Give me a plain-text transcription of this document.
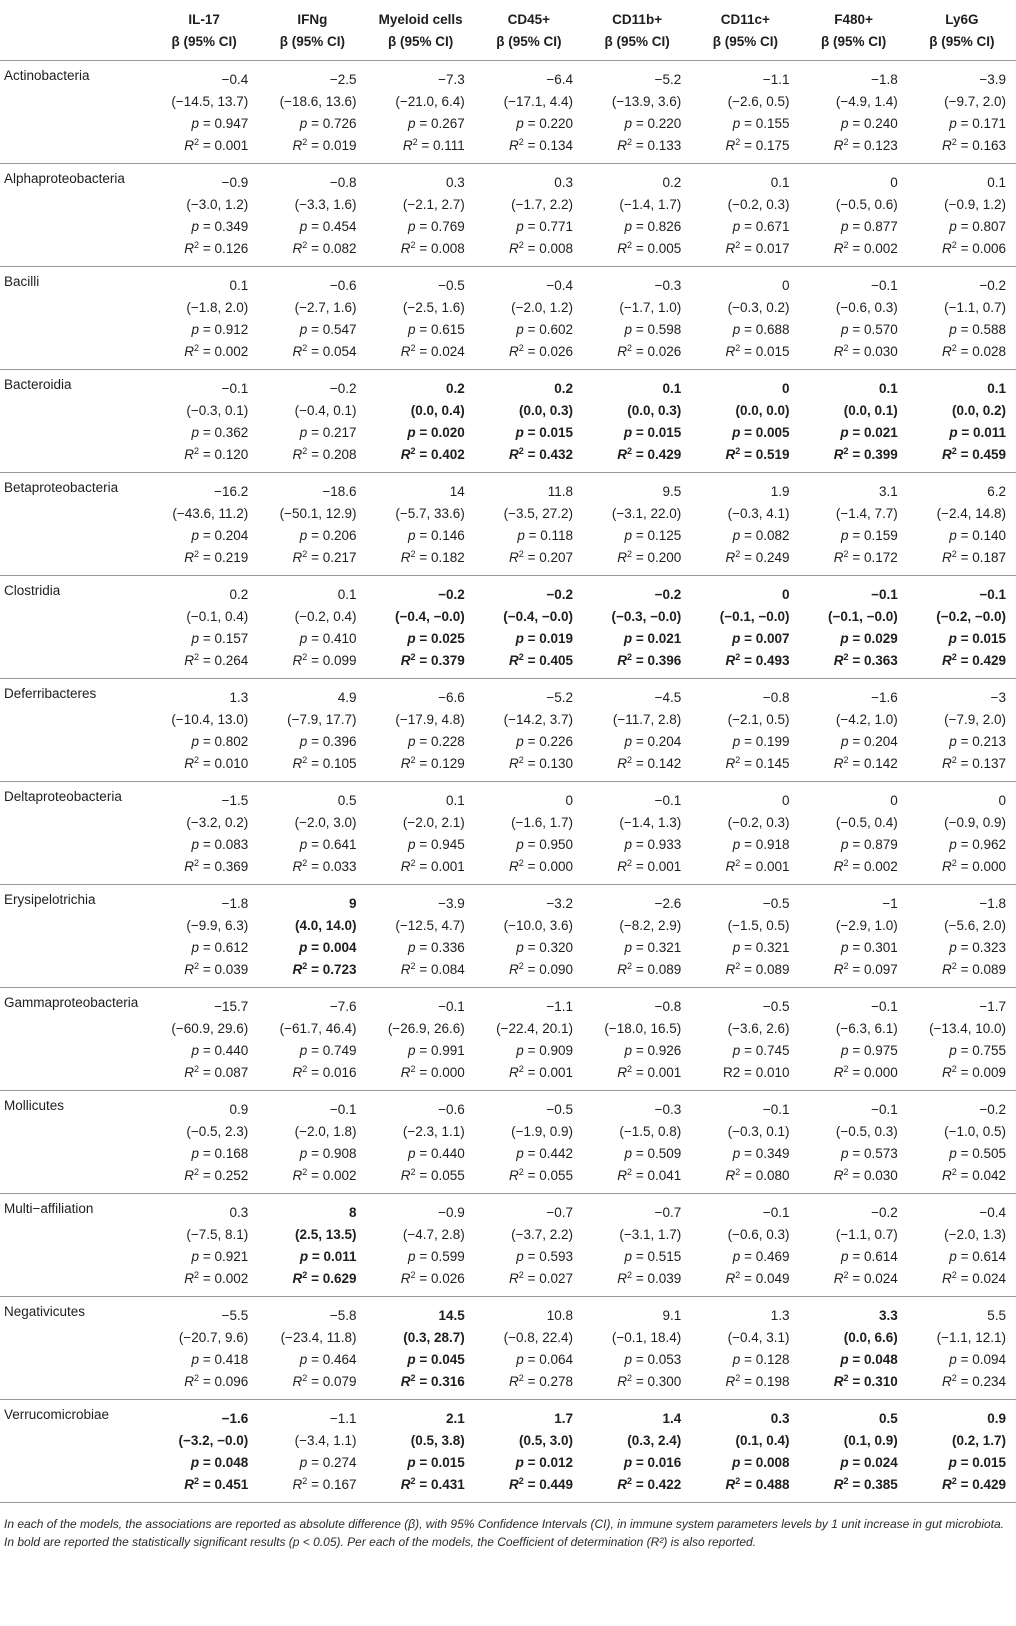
	IL-17	IFNg	Myeloid cells	CD45+	CD11b+	CD11c+	F480+	Ly6G
	β (95% CI)	β (95% CI)	β (95% CI)	β (95% CI)	β (95% CI)	β (95% CI)	β (95% CI)	β (95% CI)
Actinobacteria	−0.4	−2.5	−7.3	−6.4	−5.2	−1.1	−1.8	−3.9
	(−14.5, 13.7)	(−18.6, 13.6)	(−21.0, 6.4)	(−17.1, 4.4)	(−13.9, 3.6)	(−2.6, 0.5)	(−4.9, 1.4)	(−9.7, 2.0)
	p = 0.947	p = 0.726	p = 0.267	p = 0.220	p = 0.220	p = 0.155	p = 0.240	p = 0.171
	$R^2 = 0.001$	$R^2 = 0.019$	$R^2 = 0.111$	$R^2 = 0.134$	$R^2 = 0.133$	$R^2 = 0.175$	$R^2 = 0.123$	$R^2 = 0.163$
Alphaproteobacteria	−0.9	−0.8	0.3	0.3	0.2	0.1	0	0.1
	(−3.0, 1.2)	(−3.3, 1.6)	(−2.1, 2.7)	(−1.7, 2.2)	(−1.4, 1.7)	(−0.2, 0.3)	(−0.5, 0.6)	(−0.9, 1.2)
	p = 0.349	p = 0.454	p = 0.769	p = 0.771	p = 0.826	p = 0.671	p = 0.877	p = 0.807
	$R^2 = 0.126$	$R^2 = 0.082$	$R^2 = 0.008$	$R^2 = 0.008$	$R^2 = 0.005$	$R^2 = 0.017$	$R^2 = 0.002$	$R^2 = 0.006$
Bacilli	0.1	−0.6	−0.5	−0.4	−0.3	0	−0.1	−0.2
	(−1.8, 2.0)	(−2.7, 1.6)	(−2.5, 1.6)	(−2.0, 1.2)	(−1.7, 1.0)	(−0.3, 0.2)	(−0.6, 0.3)	(−1.1, 0.7)
	p = 0.912	p = 0.547	p = 0.615	p = 0.602	p = 0.598	p = 0.688	p = 0.570	p = 0.588
	$R^2 = 0.002$	$R^2 = 0.054$	$R^2 = 0.024$	$R^2 = 0.026$	$R^2 = 0.026$	$R^2 = 0.015$	$R^2 = 0.030$	$R^2 = 0.028$
Bacteroidia	−0.1	−0.2	0.2	0.2	0.1	0	0.1	0.1
	(−0.3, 0.1)	(−0.4, 0.1)	(0.0, 0.4)	(0.0, 0.3)	(0.0, 0.3)	(0.0, 0.0)	(0.0, 0.1)	(0.0, 0.2)
	p = 0.362	p = 0.217	p = 0.020	p = 0.015	p = 0.015	p = 0.005	p = 0.021	p = 0.011
	$R^2 = 0.120$	$R^2 = 0.208$	$R^2 = 0.402$	$R^2 = 0.432$	$R^2 = 0.429$	$R^2 = 0.519$	$R^2 = 0.399$	$R^2 = 0.459$
Betaproteobacteria	−16.2	−18.6	14	11.8	9.5	1.9	3.1	6.2
	(−43.6, 11.2)	(−50.1, 12.9)	(−5.7, 33.6)	(−3.5, 27.2)	(−3.1, 22.0)	(−0.3, 4.1)	(−1.4, 7.7)	(−2.4, 14.8)
	p = 0.204	p = 0.206	p = 0.146	p = 0.118	p = 0.125	p = 0.082	p = 0.159	p = 0.140
	$R^2 = 0.219$	$R^2 = 0.217$	$R^2 = 0.182$	$R^2 = 0.207$	$R^2 = 0.200$	$R^2 = 0.249$	$R^2 = 0.172$	$R^2 = 0.187$
Clostridia	0.2	0.1	−0.2	−0.2	−0.2	0	−0.1	−0.1
	(−0.1, 0.4)	(−0.2, 0.4)	(−0.4, −0.0)	(−0.4, −0.0)	(−0.3, −0.0)	(−0.1, −0.0)	(−0.1, −0.0)	(−0.2, −0.0)
	p = 0.157	p = 0.410	p = 0.025	p = 0.019	p = 0.021	p = 0.007	p = 0.029	p = 0.015
	$R^2 = 0.264$	$R^2 = 0.099$	$R^2 = 0.379$	$R^2 = 0.405$	$R^2 = 0.396$	$R^2 = 0.493$	$R^2 = 0.363$	$R^2 = 0.429$
Deferribacteres	1.3	4.9	−6.6	−5.2	−4.5	−0.8	−1.6	−3
	(−10.4, 13.0)	(−7.9, 17.7)	(−17.9, 4.8)	(−14.2, 3.7)	(−11.7, 2.8)	(−2.1, 0.5)	(−4.2, 1.0)	(−7.9, 2.0)
	p = 0.802	p = 0.396	p = 0.228	p = 0.226	p = 0.204	p = 0.199	p = 0.204	p = 0.213
	$R^2 = 0.010$	$R^2 = 0.105$	$R^2 = 0.129$	$R^2 = 0.130$	$R^2 = 0.142$	$R^2 = 0.145$	$R^2 = 0.142$	$R^2 = 0.137$
Deltaproteobacteria	−1.5	0.5	0.1	0	−0.1	0	0	0
	(−3.2, 0.2)	(−2.0, 3.0)	(−2.0, 2.1)	(−1.6, 1.7)	(−1.4, 1.3)	(−0.2, 0.3)	(−0.5, 0.4)	(−0.9, 0.9)
	p = 0.083	p = 0.641	p = 0.945	p = 0.950	p = 0.933	p = 0.918	p = 0.879	p = 0.962
	$R^2 = 0.369$	$R^2 = 0.033$	$R^2 = 0.001$	$R^2 = 0.000$	$R^2 = 0.001$	$R^2 = 0.001$	$R^2 = 0.002$	$R^2 = 0.000$
Erysipelotrichia	−1.8	9	−3.9	−3.2	−2.6	−0.5	−1	−1.8
	(−9.9, 6.3)	(4.0, 14.0)	(−12.5, 4.7)	(−10.0, 3.6)	(−8.2, 2.9)	(−1.5, 0.5)	(−2.9, 1.0)	(−5.6, 2.0)
	p = 0.612	p = 0.004	p = 0.336	p = 0.320	p = 0.321	p = 0.321	p = 0.301	p = 0.323
	$R^2 = 0.039$	$R^2 = 0.723$	$R^2 = 0.084$	$R^2 = 0.090$	$R^2 = 0.089$	$R^2 = 0.089$	$R^2 = 0.097$	$R^2 = 0.089$
Gammaproteobacteria	−15.7	−7.6	−0.1	−1.1	−0.8	−0.5	−0.1	−1.7
	(−60.9, 29.6)	(−61.7, 46.4)	(−26.9, 26.6)	(−22.4, 20.1)	(−18.0, 16.5)	(−3.6, 2.6)	(−6.3, 6.1)	(−13.4, 10.0)
	p = 0.440	p = 0.749	p = 0.991	p = 0.909	p = 0.926	p = 0.745	p = 0.975	p = 0.755
	$R^2 = 0.087$	$R^2 = 0.016$	$R^2 = 0.000$	$R^2 = 0.001$	$R^2 = 0.001$	R2 = 0.010	$R^2 = 0.000$	$R^2 = 0.009$
Mollicutes	0.9	−0.1	−0.6	−0.5	−0.3	−0.1	−0.1	−0.2
	(−0.5, 2.3)	(−2.0, 1.8)	(−2.3, 1.1)	(−1.9, 0.9)	(−1.5, 0.8)	(−0.3, 0.1)	(−0.5, 0.3)	(−1.0, 0.5)
	p = 0.168	p = 0.908	p = 0.440	p = 0.442	p = 0.509	p = 0.349	p = 0.573	p = 0.505
	$R^2 = 0.252$	$R^2 = 0.002$	$R^2 = 0.055$	$R^2 = 0.055$	$R^2 = 0.041$	$R^2 = 0.080$	$R^2 = 0.030$	$R^2 = 0.042$
Multi−affiliation	0.3	8	−0.9	−0.7	−0.7	−0.1	−0.2	−0.4
	(−7.5, 8.1)	(2.5, 13.5)	(−4.7, 2.8)	(−3.7, 2.2)	(−3.1, 1.7)	(−0.6, 0.3)	(−1.1, 0.7)	(−2.0, 1.3)
	p = 0.921	p = 0.011	p = 0.599	p = 0.593	p = 0.515	p = 0.469	p = 0.614	p = 0.614
	$R^2 = 0.002$	$R^2 = 0.629$	$R^2 = 0.026$	$R^2 = 0.027$	$R^2 = 0.039$	$R^2 = 0.049$	$R^2 = 0.024$	$R^2 = 0.024$
Negativicutes	−5.5	−5.8	14.5	10.8	9.1	1.3	3.3	5.5
	(−20.7, 9.6)	(−23.4, 11.8)	(0.3, 28.7)	(−0.8, 22.4)	(−0.1, 18.4)	(−0.4, 3.1)	(0.0, 6.6)	(−1.1, 12.1)
	p = 0.418	p = 0.464	p = 0.045	p = 0.064	p = 0.053	p = 0.128	p = 0.048	p = 0.094
	$R^2 = 0.096$	$R^2 = 0.079$	$R^2 = 0.316$	$R^2 = 0.278$	$R^2 = 0.300$	$R^2 = 0.198$	$R^2 = 0.310$	$R^2 = 0.234$
Verrucomicrobiae	−1.6	−1.1	2.1	1.7	1.4	0.3	0.5	0.9
	(−3.2, −0.0)	(−3.4, 1.1)	(0.5, 3.8)	(0.5, 3.0)	(0.3, 2.4)	(0.1, 0.4)	(0.1, 0.9)	(0.2, 1.7)
	p = 0.048	p = 0.274	p = 0.015	p = 0.012	p = 0.016	p = 0.008	p = 0.024	p = 0.015
	$R^2 = 0.451$	$R^2 = 0.167$	$R^2 = 0.431$	$R^2 = 0.449$	$R^2 = 0.422$	$R^2 = 0.488$	$R^2 = 0.385$	$R^2 = 0.429$
In each of the models, the associations are reported as absolute difference (β), with 95% Confidence Intervals (CI), in immune system parameters levels by 1 unit increase in gut microbiota. In bold are reported the statistically significant results (p < 0.05). Per each of the models, the Coefficient of determination (R²) is also reported.
